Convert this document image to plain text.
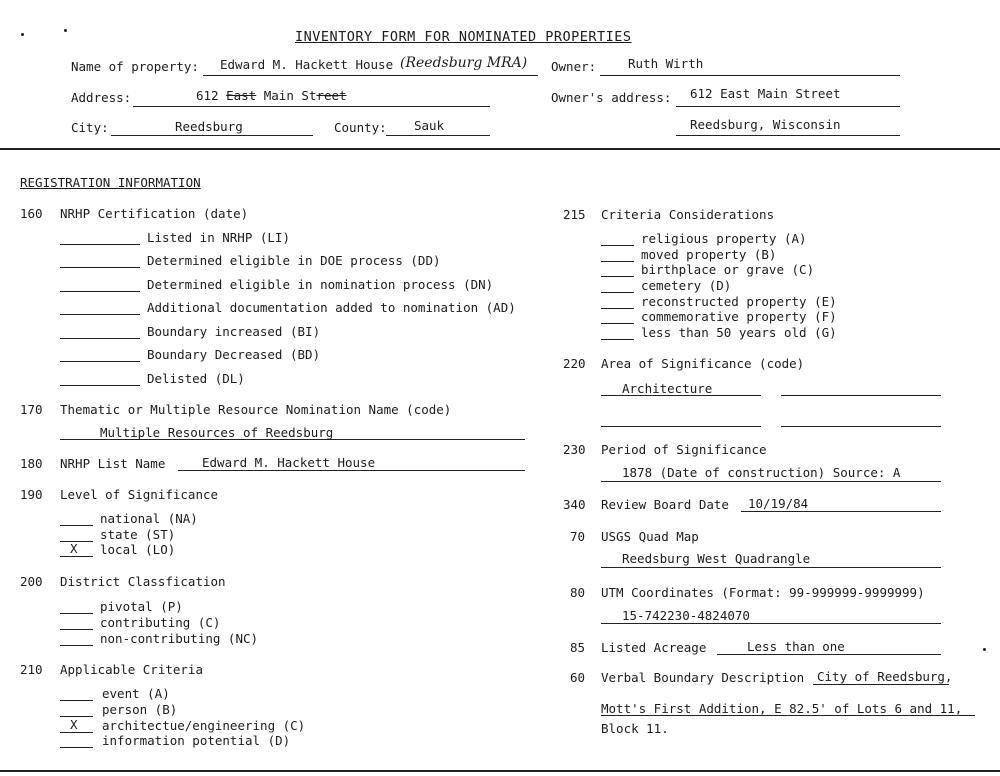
INVENTORY FORM FOR NOMINATED PROPERTIES
Name of property: Edward M. Hackett House (Reedsburg MRA) Owner:	Ruth Wirth
Address:	612 East Main Street	Owner's address: 612 East Main Street
City:	Reedsburg	County: Sauk	Reedsburg, Wisconsin
REGISTRATION INFORMATION
160 NRHP Certification (date)
Listed in NRHP (LI)
Determined eligible in DOE process (DD)
Determined eligible in nomination process (DN)
Additional documentation added to nomination (AD)
Boundary increased (BI)
Boundary Decreased (BD)
Delisted (DL)
170 Thematic or Multiple Resource Nomination Name (code)
Multiple Resources of Reedsburg
180 NRHP List Name	Edward M. Hackett House
190 Level of Significance
national (NA)
state (ST)
X local (LO)
200 District Classfication
pivotal (P)
contributing (C)
non-contributing (NC)
210 Applicable Criteria
event (A)
person (B)
X architectue/engineering (C)
information potential (D)
215 Criteria Considerations
religious property (A)
moved property (B)
birthplace or grave (C)
cemetery (D)
reconstructed property (E)
commemorative property (F)
less than 50 years old (G)
220 Area of Significance (code)
Architecture
230 Period of Significance
1878 (Date of construction) Source: A
340 Review Board Date 10/19/84
70 USGS Quad Map
Reedsburg West Quadrangle
80 UTM Coordinates (Format: 99-999999-9999999)
15-742230-4824070
85 Listed Acreage	Less than one
60 Verbal Boundary Description City of Reedsburg,
Mott's First Addition, E 82.5' of Lots 6 and 11,
Block 11.
